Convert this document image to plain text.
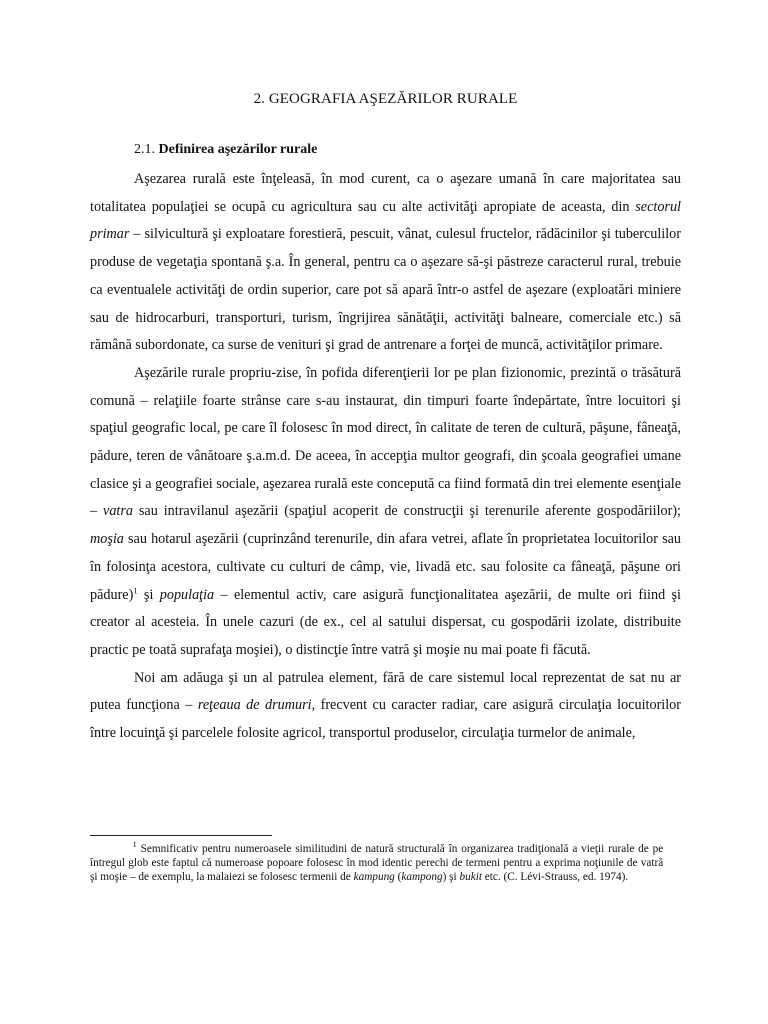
2. GEOGRAFIA AŞEZĂRILOR RURALE
2.1. Definirea aşezărilor rurale

Aşezarea rurală este înţeleasă, în mod curent, ca o aşezare umană în care majoritatea sau totalitatea populaţiei se ocupă cu agricultura sau cu alte activităţi apropiate de aceasta, din sectorul primar – silvicultură şi exploatare forestieră, pescuit, vânat, culesul fructelor, rădăcinilor şi tuberculilor produse de vegetaţia spontană ş.a. În general, pentru ca o aşezare să-şi păstreze caracterul rural, trebuie ca eventualele activităţi de ordin superior, care pot să apară într-o astfel de aşezare (exploatări miniere sau de hidrocarburi, transporturi, turism, îngrijirea sănătăţii, activităţi balneare, comerciale etc.) să rămână subordonate, ca surse de venituri şi grad de antrenare a forţei de muncă, activităţilor primare.

Aşezările rurale propriu-zise, în pofida diferenţierii lor pe plan fizionomic, prezintă o trăsătură comună – relaţiile foarte strânse care s-au instaurat, din timpuri foarte îndepărtate, între locuitori şi spaţiul geografic local, pe care îl folosesc în mod direct, în calitate de teren de cultură, păşune, fâneaţă, pădure, teren de vânătoare ş.a.m.d. De aceea, în accepţia multor geografi, din şcoala geografiei umane clasice şi a geografiei sociale, aşezarea rurală este concepută ca fiind formată din trei elemente esenţiale – vatra sau intravilanul aşezării (spaţiul acoperit de construcţii şi terenurile aferente gospodăriilor); moşia sau hotarul aşezării (cuprinzând terenurile, din afara vetrei, aflate în proprietatea locuitorilor sau în folosinţa acestora, cultivate cu culturi de câmp, vie, livadă etc. sau folosite ca fâneaţă, păşune ori pădure)$^1$ şi populaţia – elementul activ, care asigură funcţionalitatea aşezării, de multe ori fiind şi creator al acesteia. În unele cazuri (de ex., cel al satului dispersat, cu gospodării izolate, distribuite practic pe toată suprafaţa moşiei), o distincţie între vatră şi moşie nu mai poate fi făcută.

Noi am adăuga şi un al patrulea element, fără de care sistemul local reprezentat de sat nu ar putea funcţiona – reţeaua de drumuri, frecvent cu caracter radiar, care asigură circulaţia locuitorilor între locuinţă şi parcelele folosite agricol, transportul produselor, circulaţia turmelor de animale,

$^1$ Semnificativ pentru numeroasele similitudini de natură structurală în organizarea tradiţională a vieţii rurale de pe întregul glob este faptul că numeroase popoare folosesc în mod identic perechi de termeni pentru a exprima noţiunile de vatră şi moşie – de exemplu, la malaiezi se folosesc termenii de kampung (kampong) şi bukit etc. (C. Lévi-Strauss, ed. 1974).
